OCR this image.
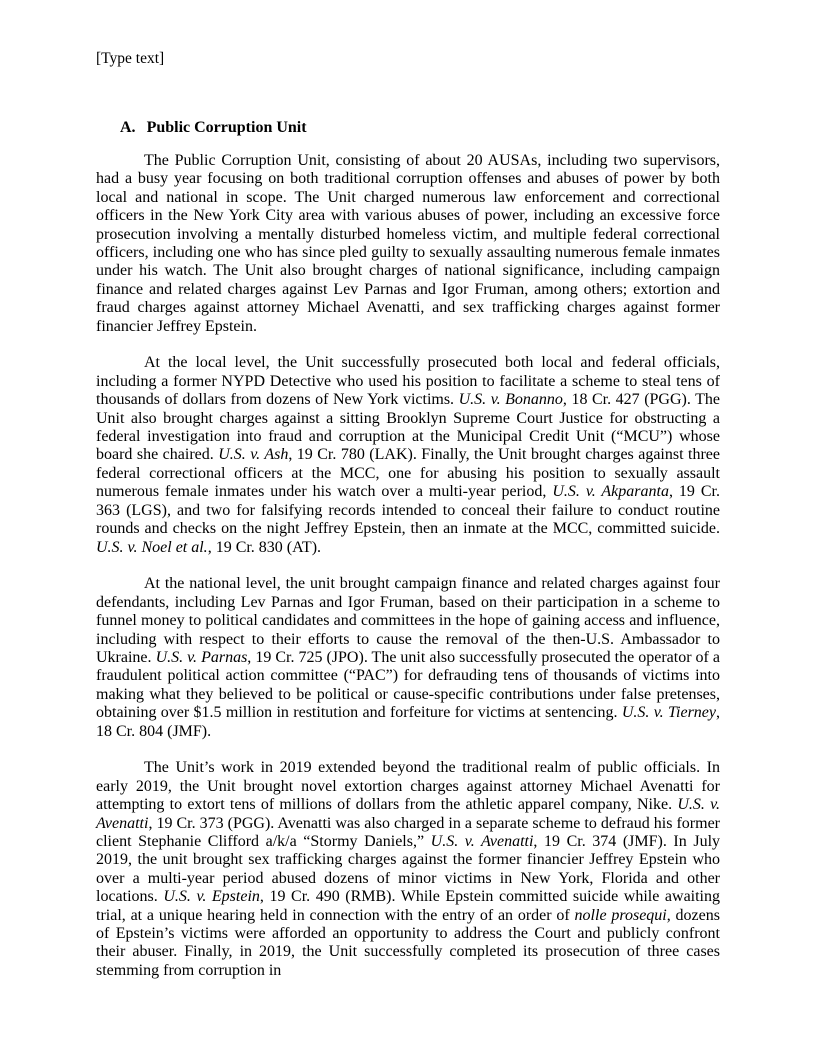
[Type text]

A. Public Corruption Unit

The Public Corruption Unit, consisting of about 20 AUSAs, including two supervisors, had a busy year focusing on both traditional corruption offenses and abuses of power by both local and national in scope. The Unit charged numerous law enforcement and correctional officers in the New York City area with various abuses of power, including an excessive force prosecution involving a mentally disturbed homeless victim, and multiple federal correctional officers, including one who has since pled guilty to sexually assaulting numerous female inmates under his watch. The Unit also brought charges of national significance, including campaign finance and related charges against Lev Parnas and Igor Fruman, among others; extortion and fraud charges against attorney Michael Avenatti, and sex trafficking charges against former financier Jeffrey Epstein.

At the local level, the Unit successfully prosecuted both local and federal officials, including a former NYPD Detective who used his position to facilitate a scheme to steal tens of thousands of dollars from dozens of New York victims. U.S. v. Bonanno, 18 Cr. 427 (PGG). The Unit also brought charges against a sitting Brooklyn Supreme Court Justice for obstructing a federal investigation into fraud and corruption at the Municipal Credit Unit (“MCU”) whose board she chaired. U.S. v. Ash, 19 Cr. 780 (LAK). Finally, the Unit brought charges against three federal correctional officers at the MCC, one for abusing his position to sexually assault numerous female inmates under his watch over a multi-year period, U.S. v. Akparanta, 19 Cr. 363 (LGS), and two for falsifying records intended to conceal their failure to conduct routine rounds and checks on the night Jeffrey Epstein, then an inmate at the MCC, committed suicide. U.S. v. Noel et al., 19 Cr. 830 (AT).

At the national level, the unit brought campaign finance and related charges against four defendants, including Lev Parnas and Igor Fruman, based on their participation in a scheme to funnel money to political candidates and committees in the hope of gaining access and influence, including with respect to their efforts to cause the removal of the then-U.S. Ambassador to Ukraine. U.S. v. Parnas, 19 Cr. 725 (JPO). The unit also successfully prosecuted the operator of a fraudulent political action committee (“PAC”) for defrauding tens of thousands of victims into making what they believed to be political or cause-specific contributions under false pretenses, obtaining over $1.5 million in restitution and forfeiture for victims at sentencing. U.S. v. Tierney, 18 Cr. 804 (JMF).

The Unit’s work in 2019 extended beyond the traditional realm of public officials. In early 2019, the Unit brought novel extortion charges against attorney Michael Avenatti for attempting to extort tens of millions of dollars from the athletic apparel company, Nike. U.S. v. Avenatti, 19 Cr. 373 (PGG). Avenatti was also charged in a separate scheme to defraud his former client Stephanie Clifford a/k/a “Stormy Daniels,” U.S. v. Avenatti, 19 Cr. 374 (JMF). In July 2019, the unit brought sex trafficking charges against the former financier Jeffrey Epstein who over a multi-year period abused dozens of minor victims in New York, Florida and other locations. U.S. v. Epstein, 19 Cr. 490 (RMB). While Epstein committed suicide while awaiting trial, at a unique hearing held in connection with the entry of an order of nolle prosequi, dozens of Epstein’s victims were afforded an opportunity to address the Court and publicly confront their abuser. Finally, in 2019, the Unit successfully completed its prosecution of three cases stemming from corruption in
